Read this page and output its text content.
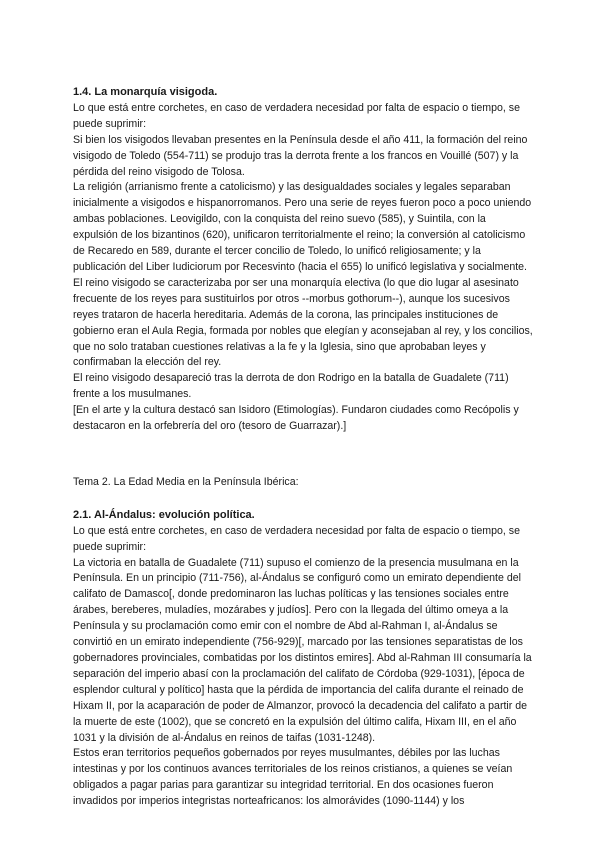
1.4. La monarquía visigoda.

Lo que está entre corchetes, en caso de verdadera necesidad por falta de espacio o tiempo, se puede suprimir:

Si bien los visigodos llevaban presentes en la Península desde el año 411, la formación del reino visigodo de Toledo (554-711) se produjo tras la derrota frente a los francos en Vouillé (507) y la pérdida del reino visigodo de Tolosa.

La religión (arrianismo frente a catolicismo) y las desigualdades sociales y legales separaban inicialmente a visigodos e hispanorromanos. Pero una serie de reyes fueron poco a poco uniendo ambas poblaciones. Leovigildo, con la conquista del reino suevo (585), y Suintila, con la expulsión de los bizantinos (620), unificaron territorialmente el reino; la conversión al catolicismo de Recaredo en 589, durante el tercer concilio de Toledo, lo unificó religiosamente; y la publicación del Liber Iudiciorum por Recesvinto (hacia el 655) lo unificó legislativa y socialmente.

El reino visigodo se caracterizaba por ser una monarquía electiva (lo que dio lugar al asesinato frecuente de los reyes para sustituirlos por otros --morbus gothorum--), aunque los sucesivos reyes trataron de hacerla hereditaria. Además de la corona, las principales instituciones de gobierno eran el Aula Regia, formada por nobles que elegían y aconsejaban al rey, y los concilios, que no solo trataban cuestiones relativas a la fe y la Iglesia, sino que aprobaban leyes y confirmaban la elección del rey.

El reino visigodo desapareció tras la derrota de don Rodrigo en la batalla de Guadalete (711) frente a los musulmanes.

[En el arte y la cultura destacó san Isidoro (Etimologías). Fundaron ciudades como Recópolis y destacaron en la orfebrería del oro (tesoro de Guarrazar).]

Tema 2. La Edad Media en la Península Ibérica:

2.1. Al-Ándalus: evolución política.

Lo que está entre corchetes, en caso de verdadera necesidad por falta de espacio o tiempo, se puede suprimir:

La victoria en batalla de Guadalete (711) supuso el comienzo de la presencia musulmana en la Península. En un principio (711-756), al-Ándalus se configuró como un emirato dependiente del califato de Damasco[, donde predominaron las luchas políticas y las tensiones sociales entre árabes, bereberes, muladíes, mozárabes y judíos]. Pero con la llegada del último omeya a la Península y su proclamación como emir con el nombre de Abd al-Rahman I, al-Ándalus se convirtió en un emirato independiente (756-929)[, marcado por las tensiones separatistas de los gobernadores provinciales, combatidas por los distintos emires]. Abd al-Rahman III consumaría la separación del imperio abasí con la proclamación del califato de Córdoba (929-1031), [época de esplendor cultural y político] hasta que la pérdida de importancia del califa durante el reinado de Hixam II, por la acaparación de poder de Almanzor, provocó la decadencia del califato a partir de la muerte de este (1002), que se concretó en la expulsión del último califa, Hixam III, en el año 1031 y la división de al-Ándalus en reinos de taifas (1031-1248).

Estos eran territorios pequeños gobernados por reyes musulmantes, débiles por las luchas intestinas y por los continuos avances territoriales de los reinos cristianos, a quienes se veían obligados a pagar parias para garantizar su integridad territorial. En dos ocasiones fueron invadidos por imperios integristas norteafricanos: los almorávides (1090-1144) y los
